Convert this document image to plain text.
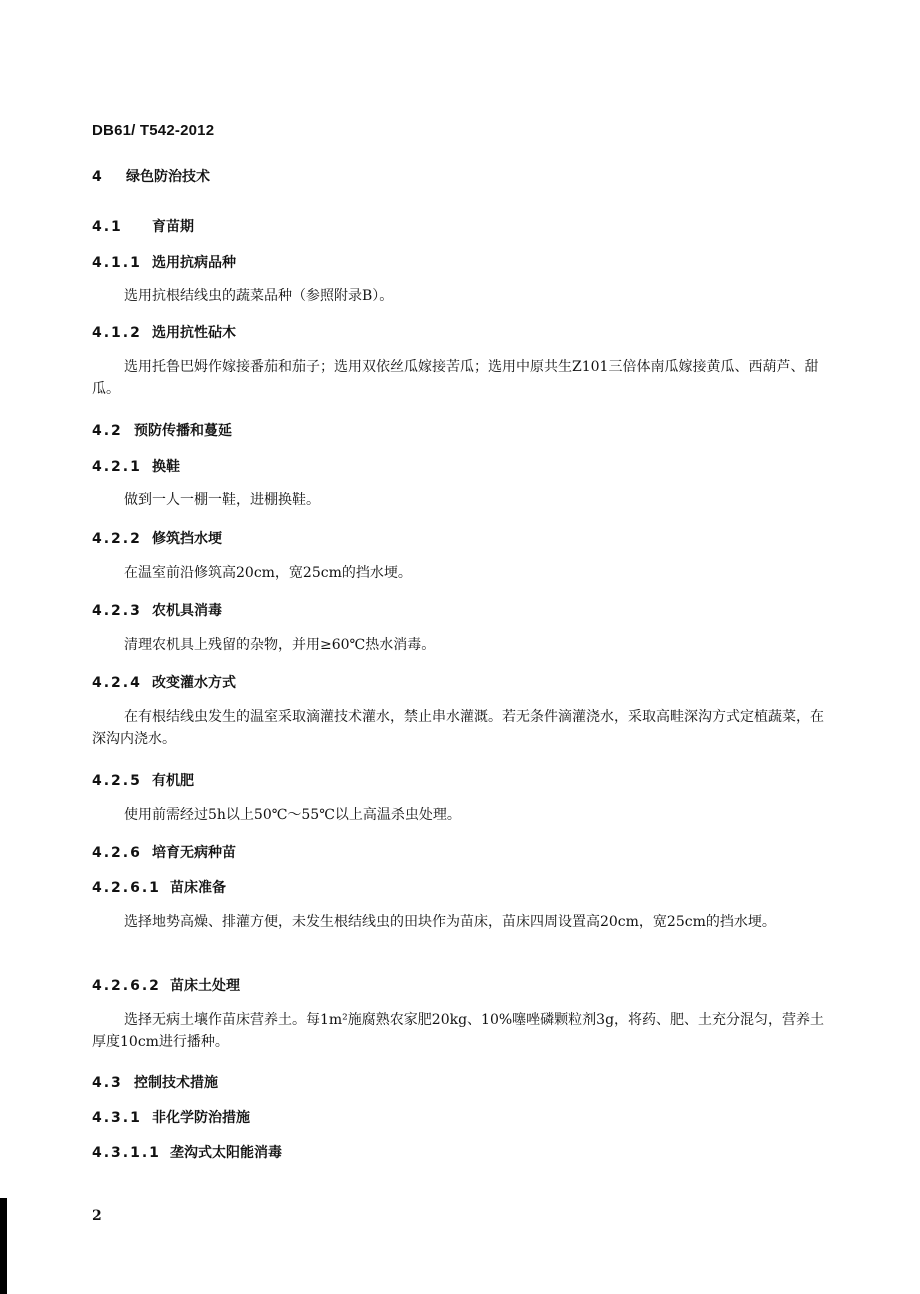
DB61/ T542-2012
4 绿色防治技术
4.1 育苗期
4.1.1 选用抗病品种
选用抗根结线虫的蔬菜品种（参照附录B）。
4.1.2 选用抗性砧木
选用托鲁巴姆作嫁接番茄和茄子；选用双依丝瓜嫁接苦瓜；选用中原共生Z101三倍体南瓜嫁接黄瓜、西葫芦、甜瓜。
4.2 预防传播和蔓延
4.2.1 换鞋
做到一人一棚一鞋，进棚换鞋。
4.2.2 修筑挡水埂
在温室前沿修筑高20cm，宽25cm的挡水埂。
4.2.3 农机具消毒
清理农机具上残留的杂物，并用≥60℃热水消毒。
4.2.4 改变灌水方式
在有根结线虫发生的温室采取滴灌技术灌水，禁止串水灌溉。若无条件滴灌浇水，采取高畦深沟方式定植蔬菜，在深沟内浇水。
4.2.5 有机肥
使用前需经过5h以上50℃～55℃以上高温杀虫处理。
4.2.6 培育无病种苗
4.2.6.1 苗床准备
选择地势高燥、排灌方便，未发生根结线虫的田块作为苗床，苗床四周设置高20cm，宽25cm的挡水埂。
4.2.6.2 苗床土处理
选择无病土壤作苗床营养土。每1m²施腐熟农家肥20kg、10%噻唑磷颗粒剂3g，将药、肥、土充分混匀，营养土厚度10cm进行播种。
4.3 控制技术措施
4.3.1 非化学防治措施
4.3.1.1 垄沟式太阳能消毒
2
